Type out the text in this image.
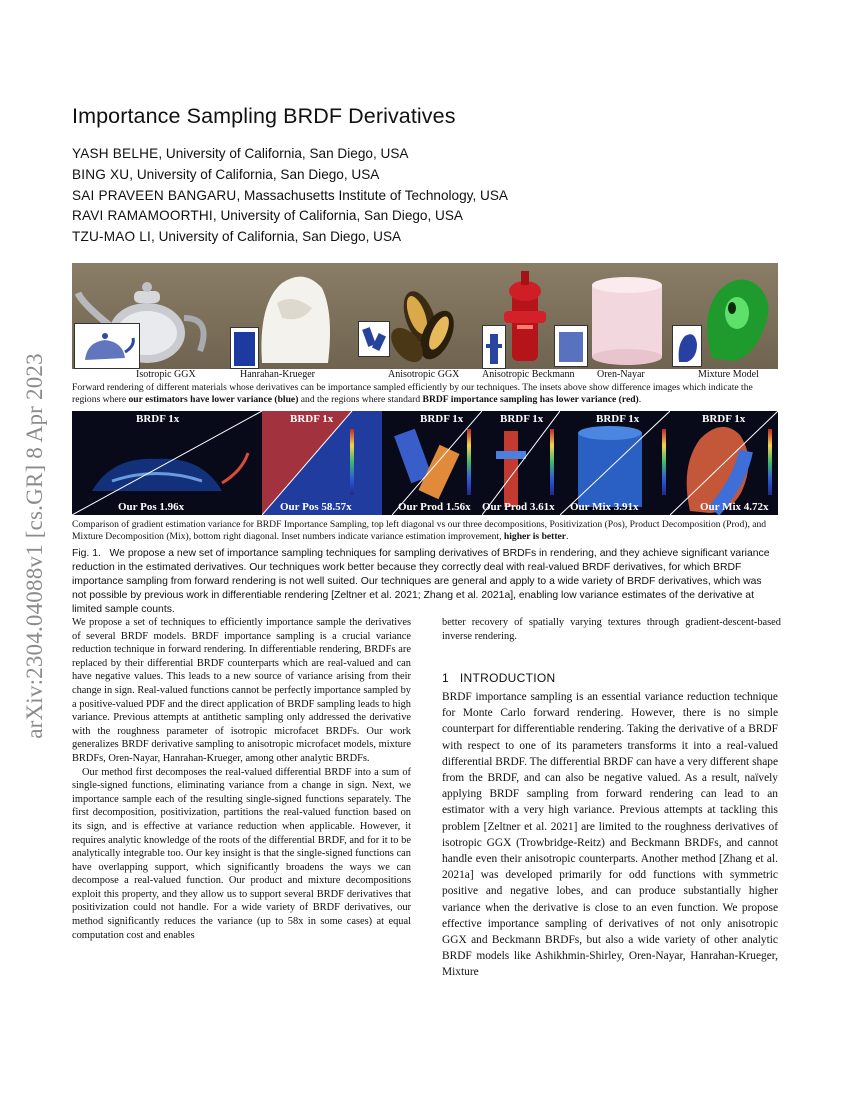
arXiv:2304.04088v1 [cs.GR] 8 Apr 2023
Importance Sampling BRDF Derivatives
YASH BELHE, University of California, San Diego, USA
BING XU, University of California, San Diego, USA
SAI PRAVEEN BANGARU, Massachusetts Institute of Technology, USA
RAVI RAMAMOORTHI, University of California, San Diego, USA
TZU-MAO LI, University of California, San Diego, USA
Isotropic GGX	Hanrahan-Krueger	Anisotropic GGX Anisotropic Beckmann Oren-Nayar	Mixture Model
Forward rendering of different materials whose derivatives can be importance sampled efficiently by our techniques. The insets above show difference images which indicate the regions where our estimators have lower variance (blue) and the regions where standard BRDF importance sampling has lower variance (red).
BRDF 1x
Our Pos 1.96x
BRDF 1x
Our Pos 58.57x
BRDF 1x
Our Prod 1.56x
BRDF 1x
Our Prod 3.61x
BRDF 1x
Our Mix 3.91x
BRDF 1x
Our Mix 4.72x
Comparison of gradient estimation variance for BRDF Importance Sampling, top left diagonal vs our three decompositions, Positivization (Pos), Product Decomposition (Prod), and Mixture Decomposition (Mix), bottom right diagonal. Inset numbers indicate variance estimation improvement, higher is better.
Fig. 1. We propose a new set of importance sampling techniques for sampling derivatives of BRDFs in rendering, and they achieve significant variance reduction in the estimated derivatives. Our techniques work better because they correctly deal with real-valued BRDF derivatives, for which BRDF importance sampling from forward rendering is not well suited. Our techniques are general and apply to a wide variety of BRDF derivatives, which was not possible by previous work in differentiable rendering [Zeltner et al. 2021; Zhang et al. 2021a], enabling low variance estimates of the derivative at limited sample counts.

We propose a set of techniques to efficiently importance sample the derivatives of several BRDF models. BRDF importance sampling is a crucial variance reduction technique in forward rendering. In differentiable rendering, BRDFs are replaced by their differential BRDF counterparts which are real-valued and can have negative values. This leads to a new source of variance arising from their change in sign. Real-valued functions cannot be perfectly importance sampled by a positive-valued PDF and the direct application of BRDF sampling leads to high variance. Previous attempts at antithetic sampling only addressed the derivative with the roughness parameter of isotropic microfacet BRDFs. Our work generalizes BRDF derivative sampling to anisotropic microfacet models, mixture BRDFs, Oren-Nayar, Hanrahan-Krueger, among other analytic BRDFs.

Our method first decomposes the real-valued differential BRDF into a sum of single-signed functions, eliminating variance from a change in sign. Next, we importance sample each of the resulting single-signed functions separately. The first decomposition, positivization, partitions the real-valued function based on its sign, and is effective at variance reduction when applicable. However, it requires analytic knowledge of the roots of the differential BRDF, and for it to be analytically integrable too. Our key insight is that the single-signed functions can have overlapping support, which significantly broadens the ways we can decompose a real-valued function. Our product and mixture decompositions exploit this property, and they allow us to support several BRDF derivatives that positivization could not handle. For a wide variety of BRDF derivatives, our method significantly reduces the variance (up to 58x in some cases) at equal computation cost and enables

better recovery of spatially varying textures through gradient-descent-based inverse rendering.

1 INTRODUCTION

BRDF importance sampling is an essential variance reduction technique for Monte Carlo forward rendering. However, there is no simple counterpart for differentiable rendering. Taking the derivative of a BRDF with respect to one of its parameters transforms it into a real-valued differential BRDF. The differential BRDF can have a very different shape from the BRDF, and can also be negative valued. As a result, naïvely applying BRDF sampling from forward rendering can lead to an estimator with a very high variance. Previous attempts at tackling this problem [Zeltner et al. 2021] are limited to the roughness derivatives of isotropic GGX (Trowbridge-Reitz) and Beckmann BRDFs, and cannot handle even their anisotropic counterparts. Another method [Zhang et al. 2021a] was developed primarily for odd functions with symmetric positive and negative lobes, and can produce substantially higher variance when the derivative is close to an even function. We propose effective importance sampling of derivatives of not only anisotropic GGX and Beckmann BRDFs, but also a wide variety of other analytic BRDF models like Ashikhmin-Shirley, Oren-Nayar, Hanrahan-Krueger, Mixture
